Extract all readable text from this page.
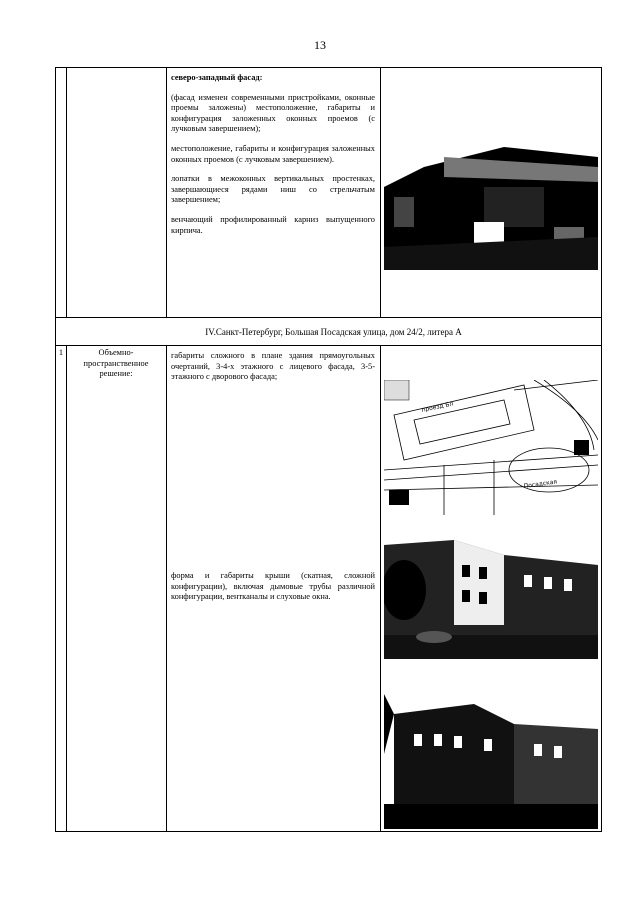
13

северо-западный фасад:

(фасад изменен современными пристройками, оконные проемы заложены) местоположение, габариты и конфигурация заложенных оконных проемов (с лучковым завершением);

местоположение, габариты и конфигурация заложенных оконных проемов (с лучковым завершением).

лопатки в межоконных вертикальных простенках, завершающиеся рядами ниш со стрельчатым завершением;

венчающий профилированный карниз выпущенного кирпича.

IV.Санкт-Петербург, Большая Посадская улица, дом 24/2, литера А
1	Объемно-пространственное решение:
габариты сложного в плане здания прямоугольных очертаний, 3-4-х этажного с лицевого фасада, 3-5-этажного с дворового фасада;
форма и габариты крыши (скатная, сложной конфигурации), включая дымовые трубы различной конфигурации, вентканалы и слуховые окна.
проезд Бл
Посадская
